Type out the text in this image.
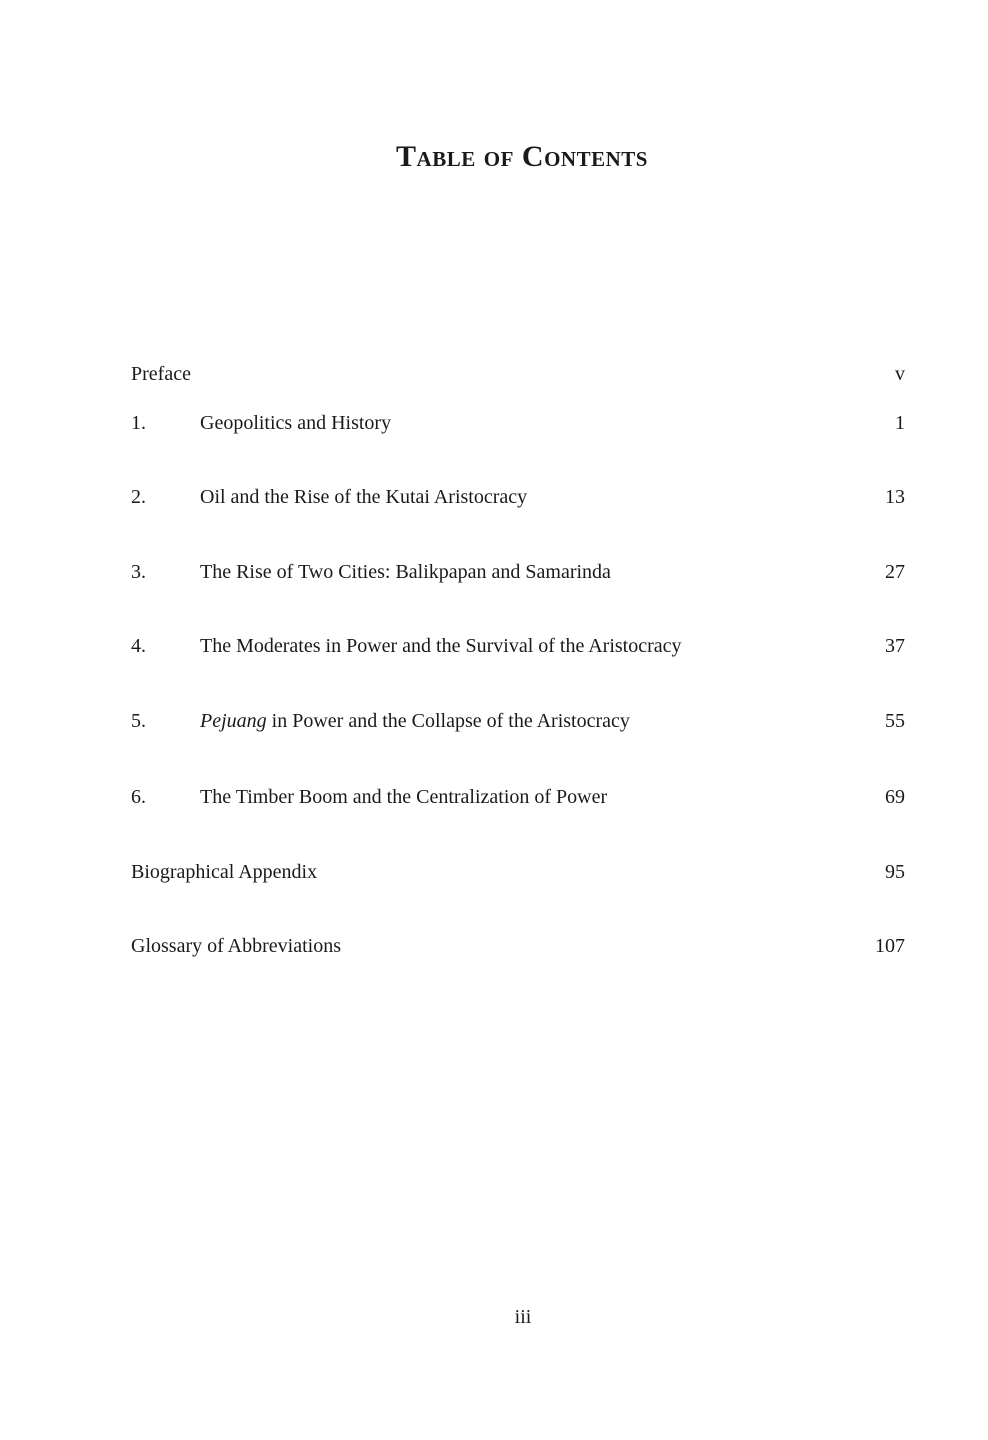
Table of Contents
Preface	v
1.	Geopolitics and History	1
2.	Oil and the Rise of the Kutai Aristocracy	13
3.	The Rise of Two Cities: Balikpapan and Samarinda	27
4.	The Moderates in Power and the Survival of the Aristocracy	37
5.	Pejuang in Power and the Collapse of the Aristocracy	55
6.	The Timber Boom and the Centralization of Power	69
Biographical Appendix	95
Glossary of Abbreviations	107
iii
